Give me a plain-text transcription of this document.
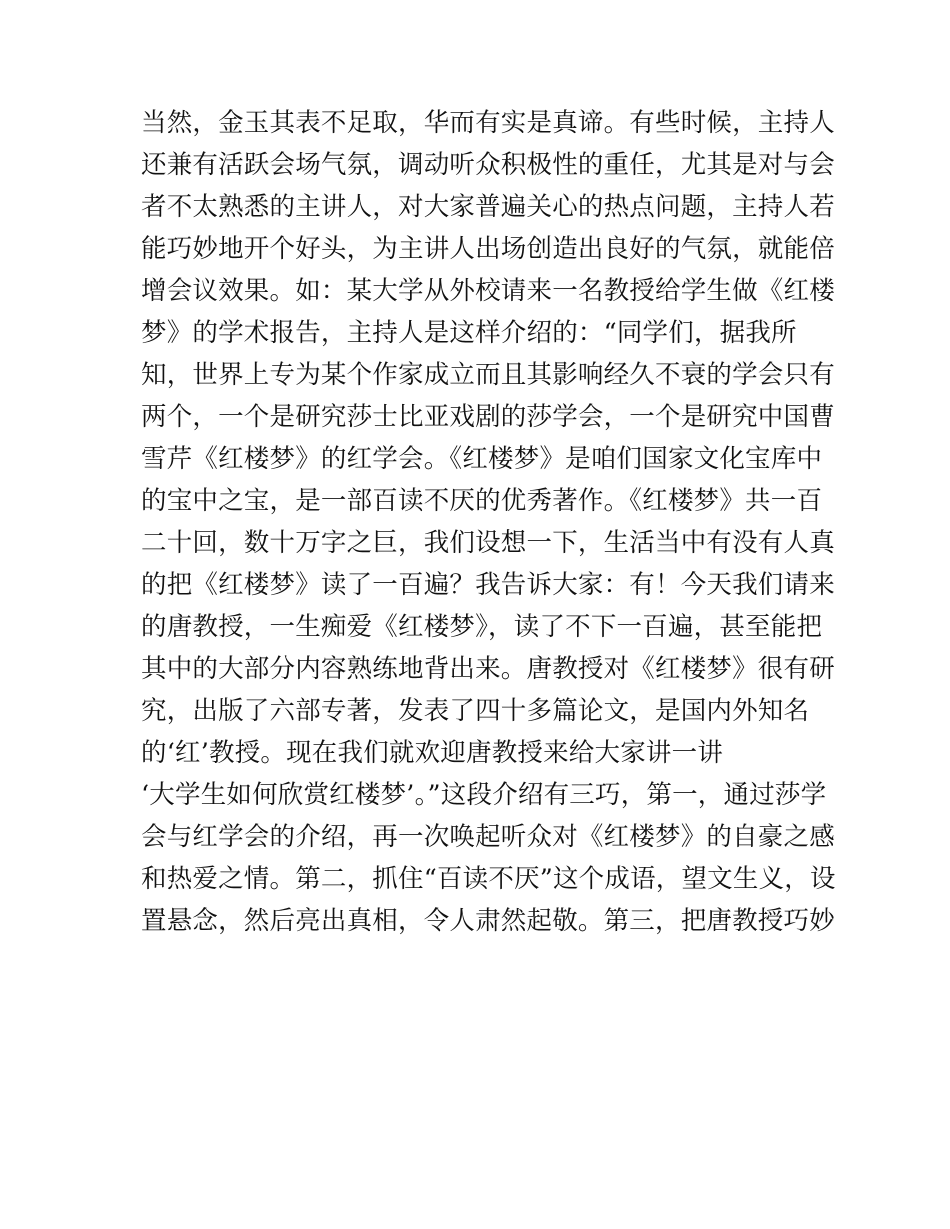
当然，金玉其表不足取，华而有实是真谛。有些时候，主持人
还兼有活跃会场气氛，调动听众积极性的重任，尤其是对与会
者不太熟悉的主讲人，对大家普遍关心的热点问题，主持人若
能巧妙地开个好头，为主讲人出场创造出良好的气氛，就能倍
增会议效果。如：某大学从外校请来一名教授给学生做《红楼
梦》的学术报告，主持人是这样介绍的：“同学们，据我所
知，世界上专为某个作家成立而且其影响经久不衰的学会只有
两个，一个是研究莎士比亚戏剧的莎学会，一个是研究中国曹
雪芹《红楼梦》的红学会。《红楼梦》是咱们国家文化宝库中
的宝中之宝，是一部百读不厌的优秀著作。《红楼梦》共一百
二十回，数十万字之巨，我们设想一下，生活当中有没有人真
的把《红楼梦》读了一百遍？我告诉大家：有！今天我们请来
的唐教授，一生痴爱《红楼梦》，读了不下一百遍，甚至能把
其中的大部分内容熟练地背出来。唐教授对《红楼梦》很有研
究，出版了六部专著，发表了四十多篇论文，是国内外知名
的‘红’教授。现在我们就欢迎唐教授来给大家讲一讲
‘大学生如何欣赏红楼梦’。”这段介绍有三巧，第一，通过莎学
会与红学会的介绍，再一次唤起听众对《红楼梦》的自豪之感
和热爱之情。第二，抓住“百读不厌”这个成语，望文生义，设
置悬念，然后亮出真相，令人肃然起敬。第三，把唐教授巧妙
